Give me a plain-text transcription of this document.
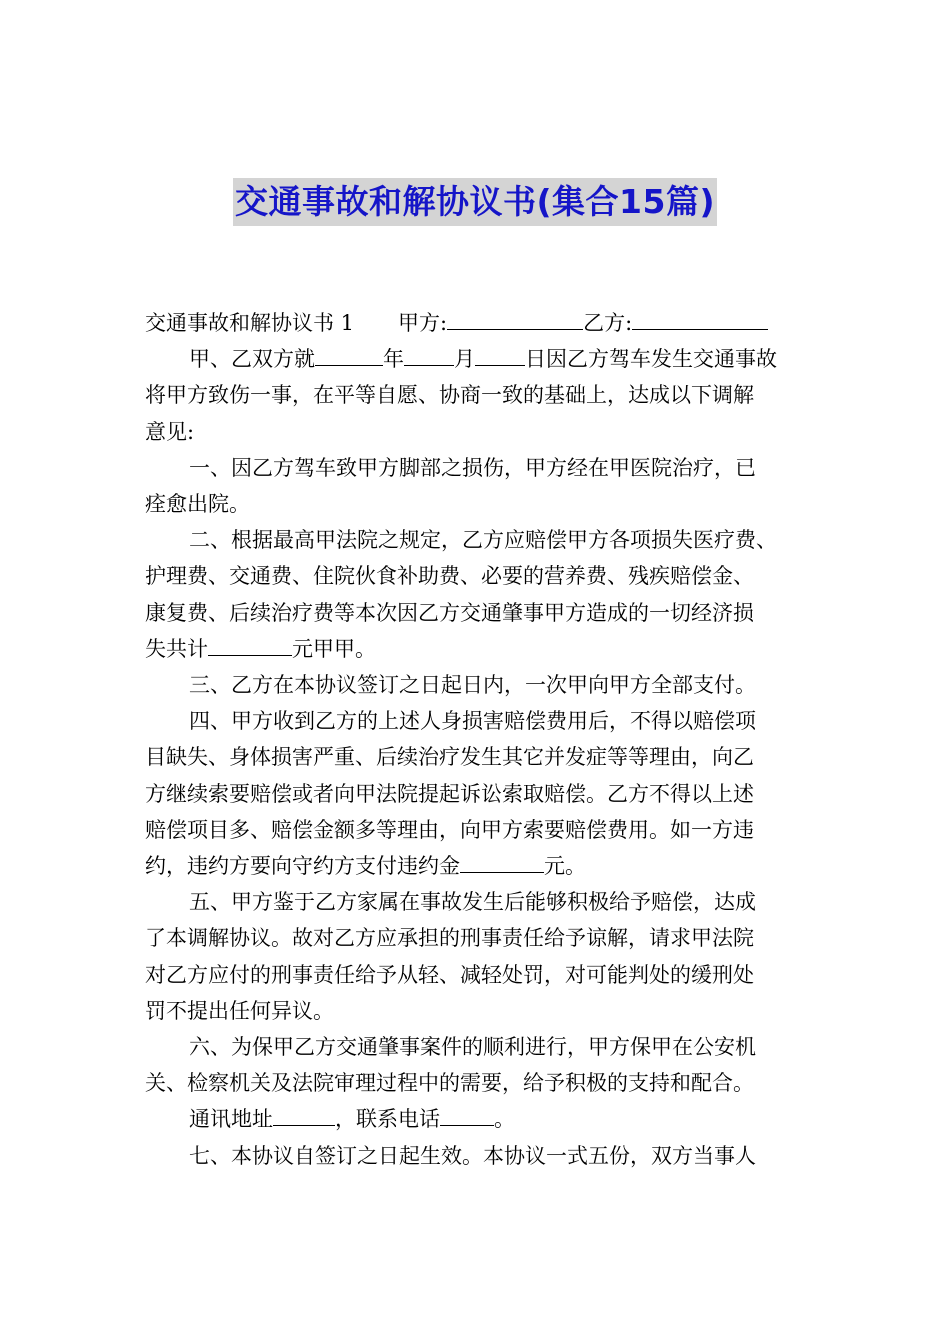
交通事故和解协议书(集合15篇)
交通事故和解协议书 1 甲方:	乙方:
甲、乙双方就	年 月 日因乙方驾车发生交通事故
将甲方致伤一事，在平等自愿、协商一致的基础上，达成以下调解
意见:
一、因乙方驾车致甲方脚部之损伤，甲方经在甲医院治疗，已
痊愈出院。
二、根据最高甲法院之规定，乙方应赔偿甲方各项损失医疗费、
护理费、交通费、住院伙食补助费、必要的营养费、残疾赔偿金、
康复费、后续治疗费等本次因乙方交通肇事甲方造成的一切经济损
失共计	元甲甲。
三、乙方在本协议签订之日起日内，一次甲向甲方全部支付。
四、甲方收到乙方的上述人身损害赔偿费用后，不得以赔偿项
目缺失、身体损害严重、后续治疗发生其它并发症等等理由，向乙
方继续索要赔偿或者向甲法院提起诉讼索取赔偿。乙方不得以上述
赔偿项目多、赔偿金额多等理由，向甲方索要赔偿费用。如一方违
约，违约方要向守约方支付违约金	元。
五、甲方鉴于乙方家属在事故发生后能够积极给予赔偿，达成
了本调解协议。故对乙方应承担的刑事责任给予谅解，请求甲法院
对乙方应付的刑事责任给予从轻、减轻处罚，对可能判处的缓刑处
罚不提出任何异议。
六、为保甲乙方交通肇事案件的顺利进行，甲方保甲在公安机
关、检察机关及法院审理过程中的需要，给予积极的支持和配合。
通讯地址	，联系电话	。
七、本协议自签订之日起生效。本协议一式五份，双方当事人
